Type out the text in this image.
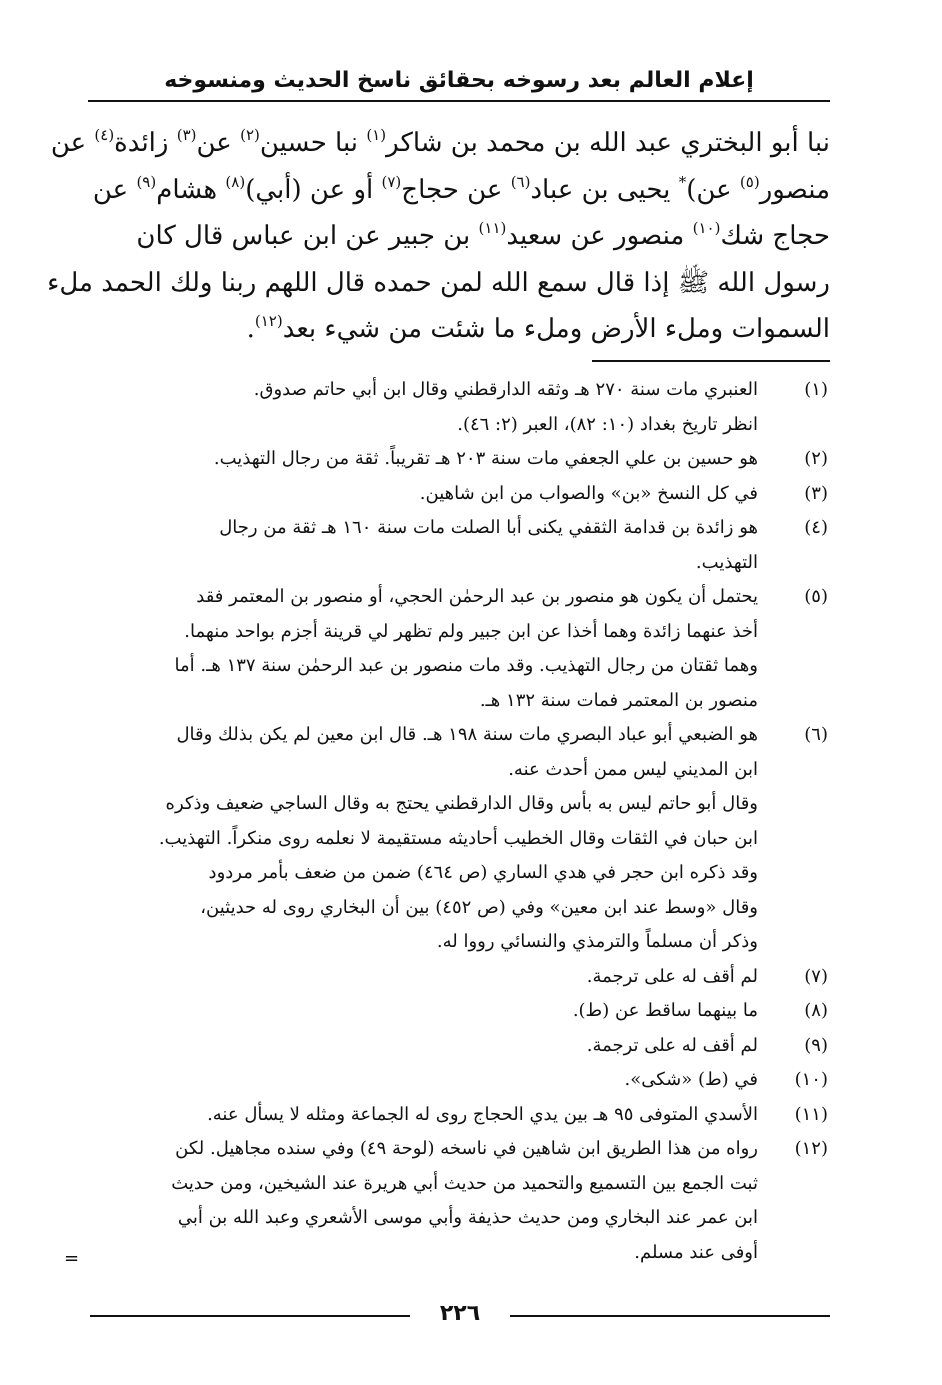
إعلام العالم بعد رسوخه بحقائق ناسخ الحديث ومنسوخه
نبا أبو البختري عبد الله بن محمد بن شاكر$^{(١)}$ نبا حسين$^{(٢)}$ عن$^{(٣)}$ زائدة$^{(٤)}$ عن
منصور$^{(٥)}$ عن)* يحيى بن عباد$^{(٦)}$ عن حجاج$^{(٧)}$ أو عن (أبي)$^{(٨)}$ هشام$^{(٩)}$ عن
حجاج شك$^{(١٠)}$ منصور عن سعيد$^{(١١)}$ بن جبير عن ابن عباس قال كان
رسول الله ﷺ إذا قال سمع الله لمن حمده قال اللهم ربنا ولك الحمد ملء
السموات وملء الأرض وملء ما شئت من شيء بعد$^{(١٢)}$.
(١)
العنبري مات سنة ٢٧٠ هـ وثقه الدارقطني وقال ابن أبي حاتم صدوق.
انظر تاريخ بغداد (١٠: ٨٢)، العبر (٢: ٤٦).
(٢)
هو حسين بن علي الجعفي مات سنة ٢٠٣ هـ تقريباً. ثقة من رجال التهذيب.
(٣)
في كل النسخ «بن» والصواب من ابن شاهين.
(٤)
هو زائدة بن قدامة الثقفي يكنى أبا الصلت مات سنة ١٦٠ هـ ثقة من رجال
التهذيب.
(٥)
يحتمل أن يكون هو منصور بن عبد الرحمٰن الحجي، أو منصور بن المعتمر فقد
أخذ عنهما زائدة وهما أخذا عن ابن جبير ولم تظهر لي قرينة أجزم بواحد منهما.
وهما ثقتان من رجال التهذيب. وقد مات منصور بن عبد الرحمٰن سنة ١٣٧ هـ. أما
منصور بن المعتمر فمات سنة ١٣٢ هـ.
(٦)
هو الضبعي أبو عباد البصري مات سنة ١٩٨ هـ. قال ابن معين لم يكن بذلك وقال
ابن المديني ليس ممن أحدث عنه.
وقال أبو حاتم ليس به بأس وقال الدارقطني يحتج به وقال الساجي ضعيف وذكره
ابن حبان في الثقات وقال الخطيب أحاديثه مستقيمة لا نعلمه روى منكراً. التهذيب.
وقد ذكره ابن حجر في هدي الساري (ص ٤٦٤) ضمن من ضعف بأمر مردود
وقال «وسط عند ابن معين» وفي (ص ٤٥٢) بين أن البخاري روى له حديثين،
وذكر أن مسلماً والترمذي والنسائي رووا له.
(٧)
لم أقف له على ترجمة.
(٨)
ما بينهما ساقط عن (ط).
(٩)
لم أقف له على ترجمة.
(١٠)
في (ط) «شكى».
(١١)
الأسدي المتوفى ٩٥ هـ بين يدي الحجاج روى له الجماعة ومثله لا يسأل عنه.
(١٢)
رواه من هذا الطريق ابن شاهين في ناسخه (لوحة ٤٩) وفي سنده مجاهيل. لكن
ثبت الجمع بين التسميع والتحميد من حديث أبي هريرة عند الشيخين، ومن حديث
ابن عمر عند البخاري ومن حديث حذيفة وأبي موسى الأشعري وعبد الله بن أبي
أوفى عند مسلم.
=
٢٢٦
